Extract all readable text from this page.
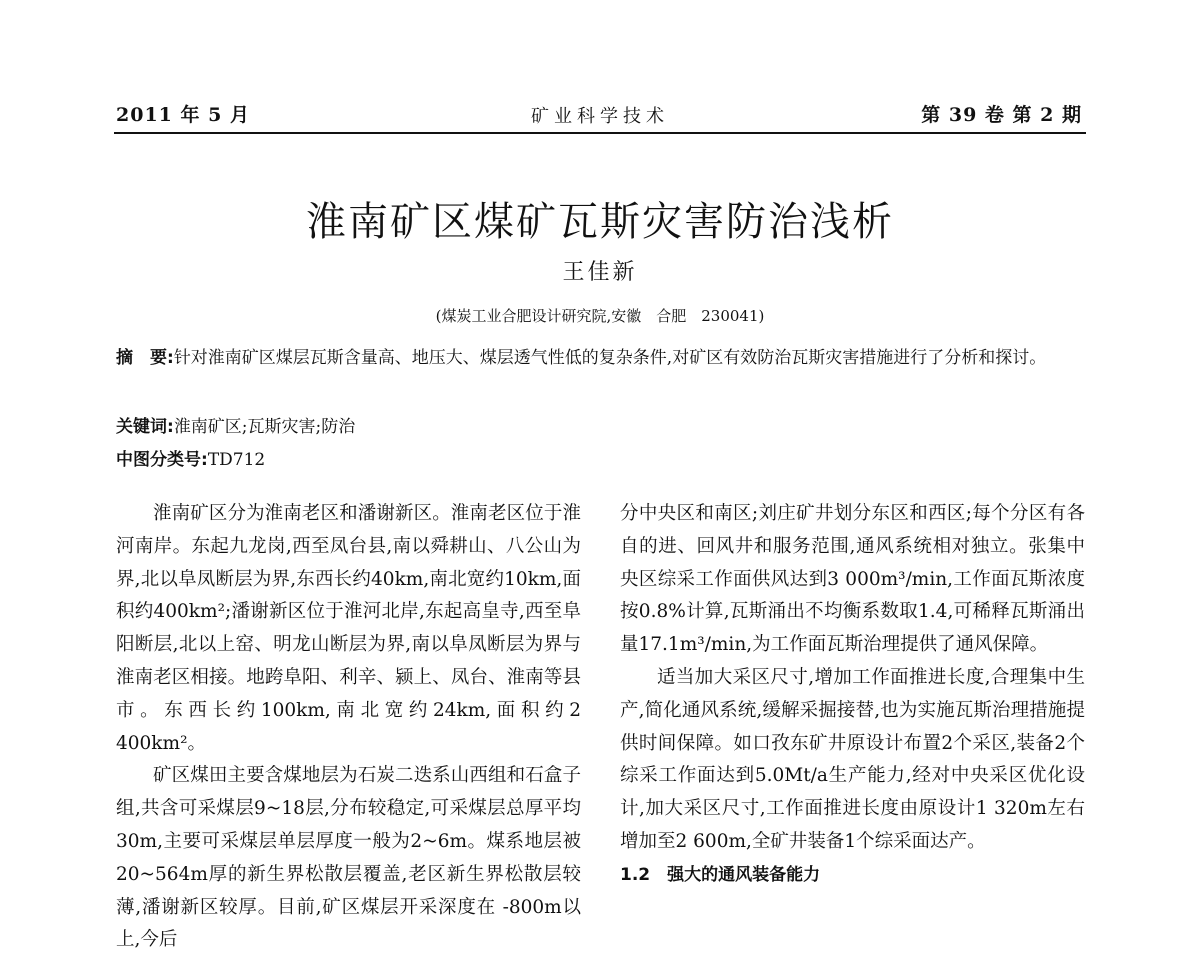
2011 年 5 月	矿业科学技术	第 39 卷 第 2 期
淮南矿区煤矿瓦斯灾害防治浅析
王佳新
(煤炭工业合肥设计研究院,安徽　合肥　230041)
摘　要:针对淮南矿区煤层瓦斯含量高、地压大、煤层透气性低的复杂条件,对矿区有效防治瓦斯灾害措施进行了分析和探讨。
关键词:淮南矿区;瓦斯灾害;防治
中图分类号:TD712

淮南矿区分为淮南老区和潘谢新区。淮南老区位于淮河南岸。东起九龙岗,西至凤台县,南以舜耕山、八公山为界,北以阜凤断层为界,东西长约40km,南北宽约10km,面积约400km²;潘谢新区位于淮河北岸,东起高皇寺,西至阜阳断层,北以上窑、明龙山断层为界,南以阜凤断层为界与淮南老区相接。地跨阜阳、利辛、颍上、凤台、淮南等县市。东西长约100km,南北宽约24km,面积约2 400km²。

矿区煤田主要含煤地层为石炭二迭系山西组和石盒子组,共含可采煤层9~18层,分布较稳定,可采煤层总厚平均30m,主要可采煤层单层厚度一般为2~6m。煤系地层被20~564m厚的新生界松散层覆盖,老区新生界松散层较薄,潘谢新区较厚。目前,矿区煤层开采深度在 -800m以上,今后

分中央区和南区;刘庄矿井划分东区和西区;每个分区有各自的进、回风井和服务范围,通风系统相对独立。张集中央区综采工作面供风达到3 000m³/min,工作面瓦斯浓度按0.8%计算,瓦斯涌出不均衡系数取1.4,可稀释瓦斯涌出量17.1m³/min,为工作面瓦斯治理提供了通风保障。

适当加大采区尺寸,增加工作面推进长度,合理集中生产,简化通风系统,缓解采掘接替,也为实施瓦斯治理措施提供时间保障。如口孜东矿井原设计布置2个采区,装备2个综采工作面达到5.0Mt/a生产能力,经对中央采区优化设计,加大采区尺寸,工作面推进长度由原设计1 320m左右增加至2 600m,全矿井装备1个综采面达产。

1.2　强大的通风装备能力
